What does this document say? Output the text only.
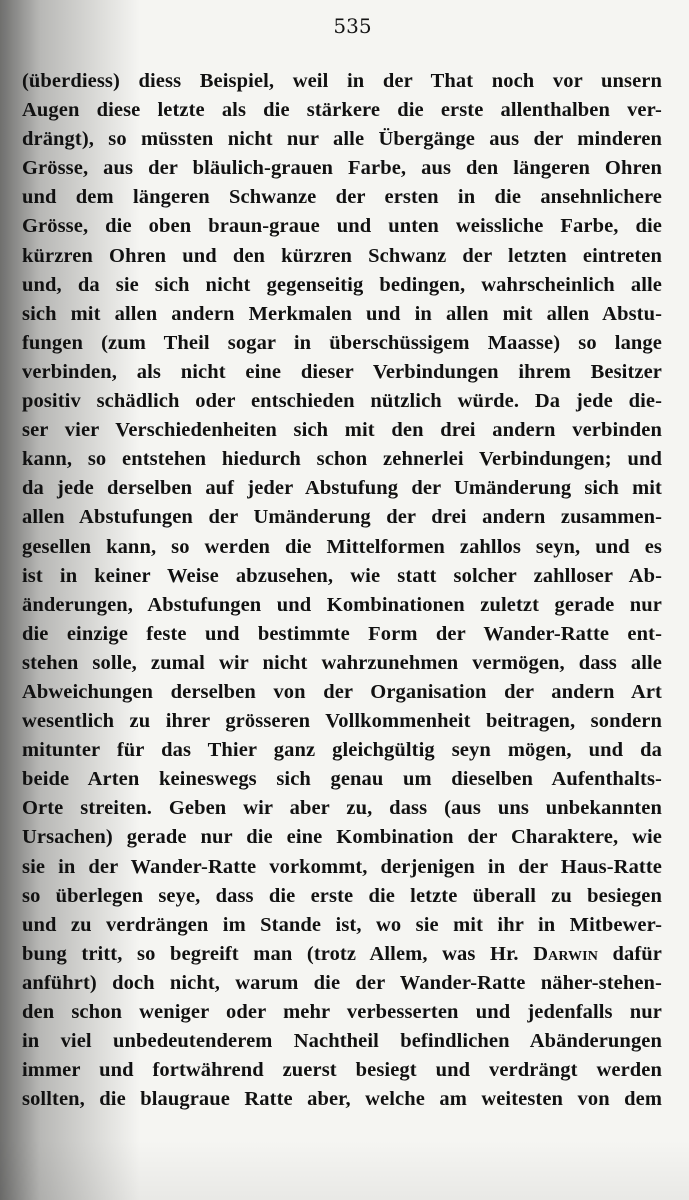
535
(überdiess) diess Beispiel, weil in der That noch vor unsern
Augen diese letzte als die stärkere die erste allenthalben ver-
drängt), so müssten nicht nur alle Übergänge aus der minderen
Grösse, aus der bläulich-grauen Farbe, aus den längeren Ohren
und dem längeren Schwanze der ersten in die ansehnlichere
Grösse, die oben braun-graue und unten weissliche Farbe, die
kürzren Ohren und den kürzren Schwanz der letzten eintreten
und, da sie sich nicht gegenseitig bedingen, wahrscheinlich alle
sich mit allen andern Merkmalen und in allen mit allen Abstu-
fungen (zum Theil sogar in überschüssigem Maasse) so lange
verbinden, als nicht eine dieser Verbindungen ihrem Besitzer
positiv schädlich oder entschieden nützlich würde. Da jede die-
ser vier Verschiedenheiten sich mit den drei andern verbinden
kann, so entstehen hiedurch schon zehnerlei Verbindungen; und
da jede derselben auf jeder Abstufung der Umänderung sich mit
allen Abstufungen der Umänderung der drei andern zusammen-
gesellen kann, so werden die Mittelformen zahllos seyn, und es
ist in keiner Weise abzusehen, wie statt solcher zahlloser Ab-
änderungen, Abstufungen und Kombinationen zuletzt gerade nur
die einzige feste und bestimmte Form der Wander-Ratte ent-
stehen solle, zumal wir nicht wahrzunehmen vermögen, dass alle
Abweichungen derselben von der Organisation der andern Art
wesentlich zu ihrer grösseren Vollkommenheit beitragen, sondern
mitunter für das Thier ganz gleichgültig seyn mögen, und da
beide Arten keineswegs sich genau um dieselben Aufenthalts-
Orte streiten. Geben wir aber zu, dass (aus uns unbekannten
Ursachen) gerade nur die eine Kombination der Charaktere, wie
sie in der Wander-Ratte vorkommt, derjenigen in der Haus-Ratte
so überlegen seye, dass die erste die letzte überall zu besiegen
und zu verdrängen im Stande ist, wo sie mit ihr in Mitbewer-
bung tritt, so begreift man (trotz Allem, was Hr. Darwin dafür
anführt) doch nicht, warum die der Wander-Ratte näher-stehen-
den schon weniger oder mehr verbesserten und jedenfalls nur
in viel unbedeutenderem Nachtheil befindlichen Abänderungen
immer und fortwährend zuerst besiegt und verdrängt werden
sollten, die blaugraue Ratte aber, welche am weitesten von dem
